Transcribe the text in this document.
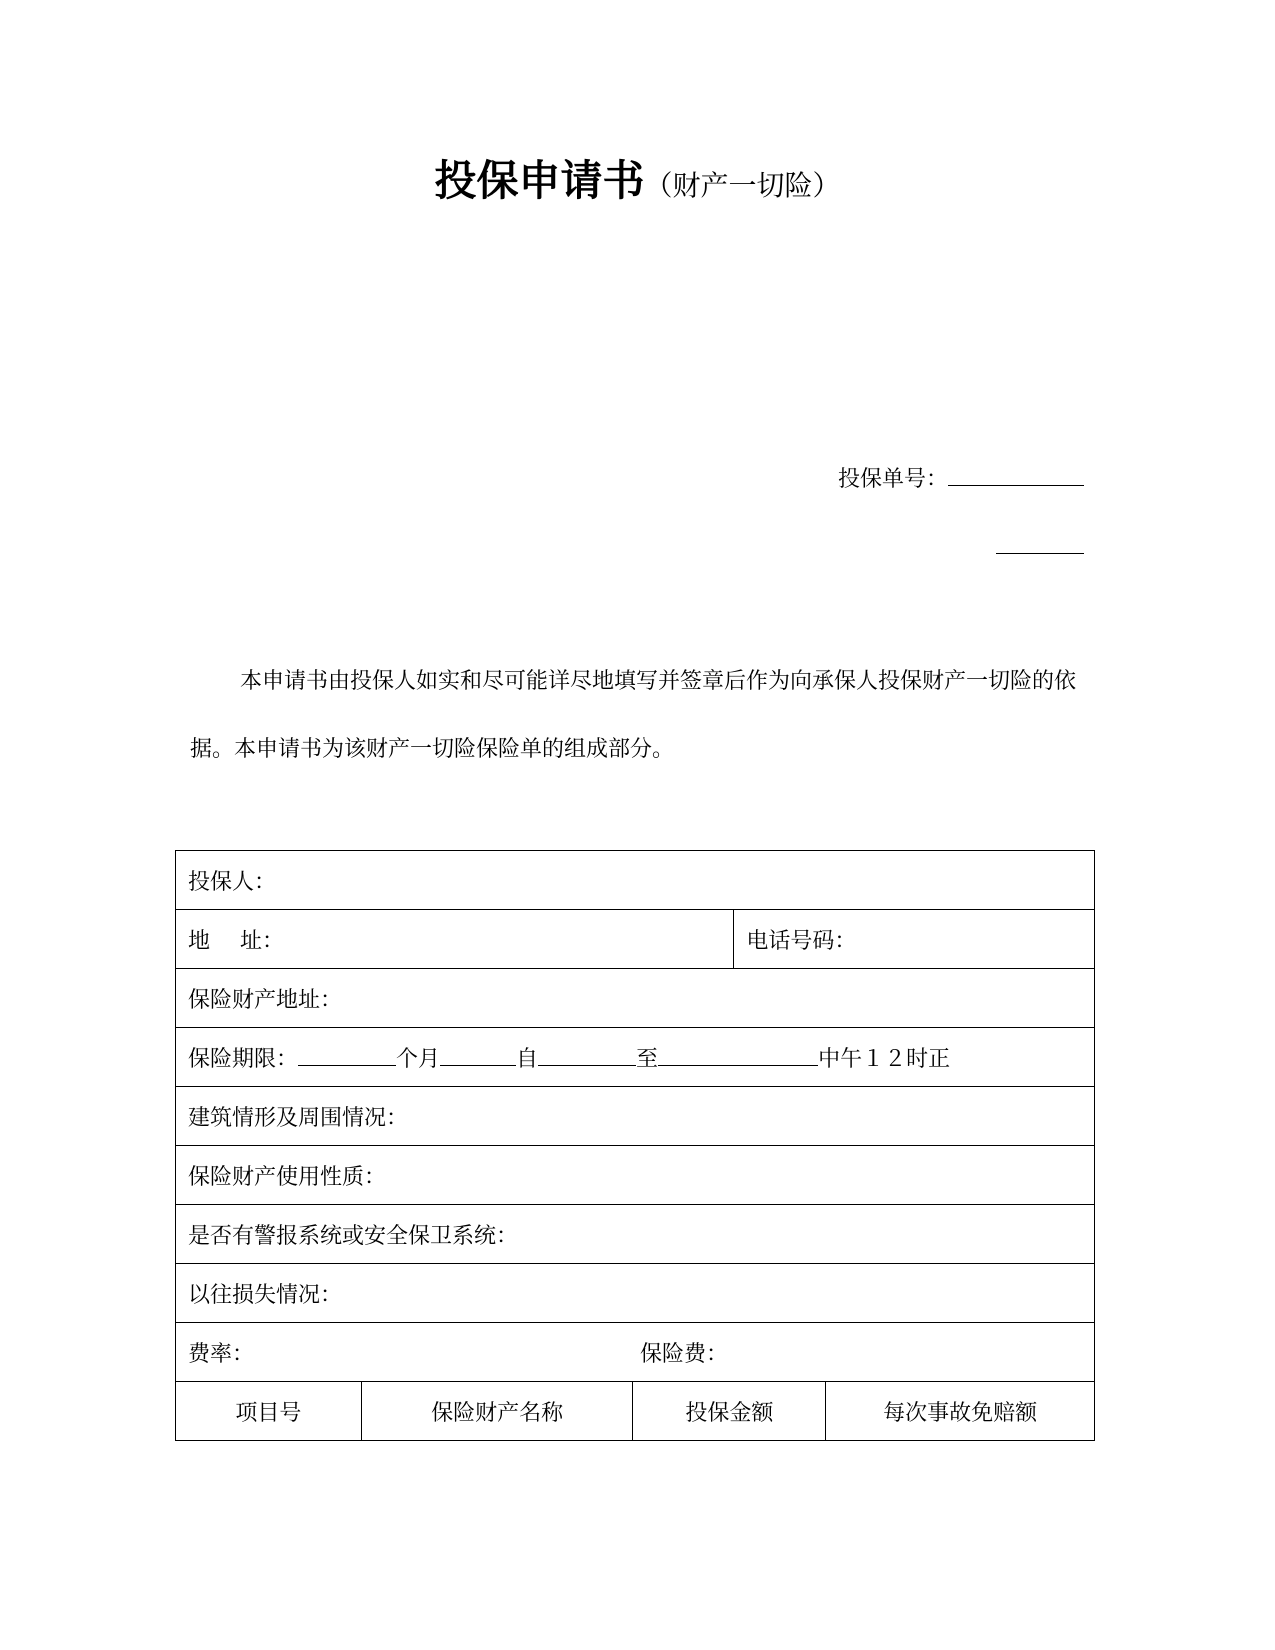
投保申请书（财产一切险）
投保单号：

本申请书由投保人如实和尽可能详尽地填写并签章后作为向承保人投保财产一切险的依据。本申请书为该财产一切险保险单的组成部分。

投保人：				
地 址：			电话号码：	
保险财产地址：				
保险期限： 个月 自 至 中午１２时正				
建筑情形及周围情况：				
保险财产使用性质：				
是否有警报系统或安全保卫系统：				
以往损失情况：				
费率： 保险费：				
项目号	保险财产名称	投保金额		每次事故免赔额
